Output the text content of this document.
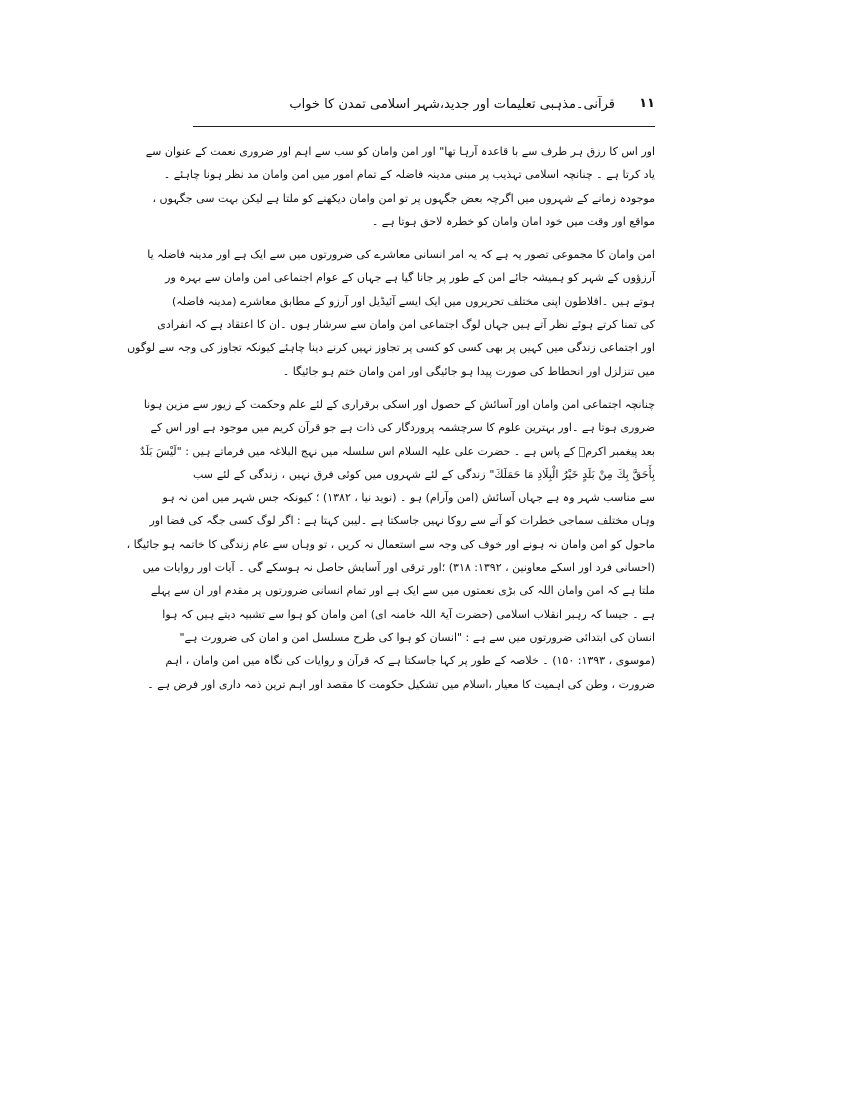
قرآنی۔مذہبی تعلیمات اور جدید،شہر اسلامی تمدن کا خواب ۱۱
اور اس کا رزق ہر طرف سے با قاعدہ آرہا تھا" اور امن وامان کو سب سے اہم اور ضروری نعمت کے عنوان سے
یاد کرتا ہے ۔ چنانچہ اسلامی تہذیب پر مبنی مدینہ فاضلہ کے تمام امور میں امن وامان مد نظر ہونا چاہئے ۔
موجودہ زمانے کے شہروں میں اگرچہ بعض جگہوں پر تو امن وامان دیکھنے کو ملتا ہے لیکن بہت سی جگہوں ،
مواقع اور وقت میں خود امان وامان کو خطرہ لاحق ہوتا ہے ۔
امن وامان کا مجموعی تصور یہ ہے کہ یہ امر انسانی معاشرے کی ضرورتوں میں سے ایک ہے اور مدینہ فاضلہ یا
آرزؤوں کے شہر کو ہمیشہ جائے امن کے طور پر جانا گیا ہے جہاں کے عوام اجتماعی امن وامان سے بہرہ ور
ہوتے ہیں ۔افلاطون اپنی مختلف تحریروں میں ایک ایسے آئیڈیل اور آرزو کے مطابق معاشرے (مدینہ فاضلہ)
کی تمنا کرتے ہوئے نظر آتے ہیں جہاں لوگ اجتماعی امن وامان سے سرشار ہوں ۔ان کا اعتقاد ہے کہ انفرادی
اور اجتماعی زندگی میں کہیں پر بھی کسی کو کسی پر تجاوز نہیں کرنے دینا چاہئے کیونکہ تجاوز کی وجہ سے لوگوں
میں تنزلزل اور انحطاط کی صورت پیدا ہو جائیگی اور امن وامان ختم ہو جائیگا ۔
چنانچہ اجتماعی امن وامان اور آسائش کے حصول اور اسکی برقراری کے لئے علم وحکمت کے زیور سے مزین ہونا
ضروری ہوتا ہے ۔اور بہترین علوم کا سرچشمہ پروردگار کی ذات ہے جو قرآن کریم میں موجود ہے اور اس کے
بعد پیغمبر اکرمؐ کے پاس ہے ۔ حضرت علی علیہ السلام اس سلسلہ میں نہج البلاغہ میں فرماتے ہیں : "لَيْسَ بَلَدٌ
بِأَحَقَّ بِكَ مِنْ بَلَدٍ خَيْرُ الْبِلَادِ مَا حَمَلَكَ" زندگی کے لئے شہروں میں کوئی فرق نہیں ، زندگی کے لئے سب
سے مناسب شہر وہ ہے جہاں آسائش (امن وآرام) ہو ۔ (نوید نیا ، ۱۳۸۲) ؛ کیونکہ جس شہر میں امن نہ ہو
وہاں مختلف سماجی خطرات کو آنے سے روکا نہیں جاسکتا ہے ۔لیبن کہتا ہے : اگر لوگ کسی جگہ کی فضا اور
ماحول کو امن وامان نہ ہونے اور خوف کی وجہ سے استعمال نہ کریں ، تو وہاں سے عام زندگی کا خاتمہ ہو جائیگا ،
(احسانی فرد اور اسکے معاونین ، ۱۳۹۲: ۳۱۸) ؛اور ترقی اور آسایش حاصل نہ ہوسکے گی ۔ آیات اور روایات میں
ملتا ہے کہ امن وامان اللہ کی بڑی نعمتوں میں سے ایک ہے اور تمام انسانی ضرورتوں پر مقدم اور ان سے پہلے
ہے ۔ جیسا کہ رہبر انقلاب اسلامی (حضرت آیۃ اللہ خامنہ ای) امن وامان کو ہوا سے تشبیہ دیتے ہیں کہ ہوا
انسان کی ابتدائی ضرورتوں میں سے ہے : "انسان کو ہوا کی طرح مسلسل امن و امان کی ضرورت ہے"
(موسوی ، ۱۳۹۳: ۱۵۰) ۔ خلاصہ کے طور پر کہا جاسکتا ہے کہ قرآن و روایات کی نگاہ میں امن وامان ، اہم
ضرورت ، وطن کی اہمیت کا معیار ،اسلام میں تشکیل حکومت کا مقصد اور اہم ترین ذمہ داری اور فرض ہے ۔
